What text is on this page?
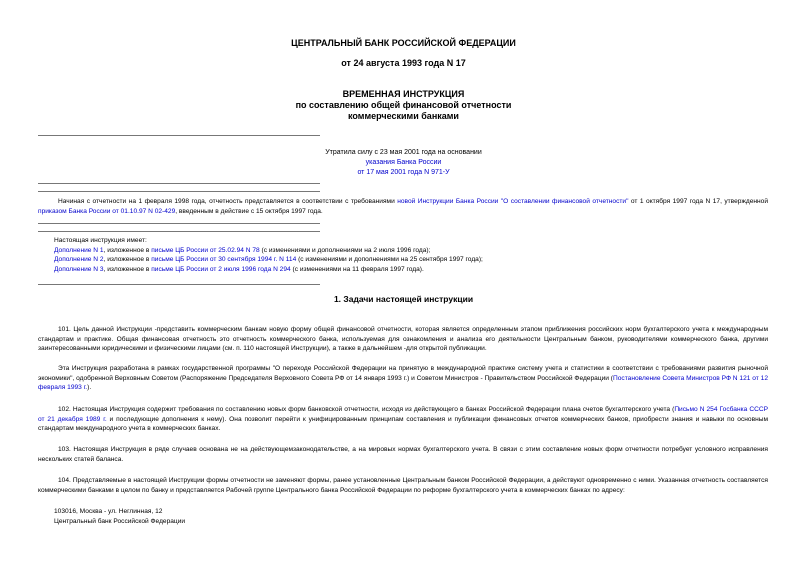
ЦЕНТРАЛЬНЫЙ БАНК РОССИЙСКОЙ ФЕДЕРАЦИИ
от 24 августа 1993 года N 17
ВРЕМЕННАЯ ИНСТРУКЦИЯ
по составлению общей финансовой отчетности
коммерческими банками
Утратила силу с 23 мая 2001 года на основании
указания Банка России
от 17 мая 2001 года N 971-У
Начиная с отчетности на 1 февраля 1998 года, отчетность представляется в соответствии с требованиями новой Инструкции Банка России "О составлении финансовой отчетности" от 1 октября 1997 года N 17, утвержденной приказом Банка России от 01.10.97 N 02-429, введенным в действие с 15 октября 1997 года.
Настоящая инструкция имеет:
Дополнение N 1, изложенное в письме ЦБ России от 25.02.94 N 78 (с изменениями и дополнениями на 2 июля 1996 года);
Дополнение N 2, изложенное в письме ЦБ России от 30 сентября 1994 г. N 114 (с изменениями и дополнениями на 25 сентября 1997 года);
Дополнение N 3, изложенное в письме ЦБ России от 2 июля 1996 года N 294 (с изменениями на 11 февраля 1997 года).
1. Задачи настоящей инструкции
101. Цель данной Инструкции -представить коммерческим банкам новую форму общей финансовой отчетности, которая является определенным этапом приближения российских норм бухгалтерского учета к международным стандартам и практике. Общая финансовая отчетность это отчетность коммерческого банка, используемая для ознакомления и анализа его деятельности Центральным банком, руководителями коммерческого банка, другими заинтересованными юридическими и физическими лицами (см. п. 110 настоящей Инструкции), а также в дальнейшем -для открытой публикации.
Эта Инструкция разработана в рамках государственной программы "О переходе Российской Федерации на принятую в международной практике систему учета и статистики в соответствии с требованиями развития рыночной экономики", одобренной Верховным Советом (Распоряжение Председателя Верховного Совета РФ от 14 января 1993 г.) и Советом Министров - Правительством Российской Федерации (Постановление Совета Министров РФ N 121 от 12 февраля 1993 г.).
102. Настоящая Инструкция содержит требования по составлению новых форм банковской отчетности, исходя из действующего в банках Российской Федерации плана счетов бухгалтерского учета (Письмо N 254 Госбанка СССР от 21 декабря 1989 г. и последующие дополнения к нему). Она позволит перейти к унифицированным принципам составления и публикации финансовых отчетов коммерческих банков, приобрести знания и навыки по основным стандартам международного учета в коммерческих банках.
103. Настоящая Инструкция в ряде случаев основана не на действующемзаконодательстве, а на мировых нормах бухгалтерского учета. В связи с этим составление новых форм отчетности потребует условного исправления нескольких статей баланса.
104. Представляемые в настоящей Инструкции формы отчетности не заменяют формы, ранее установленные Центральным банком Российской Федерации, а действуют одновременно с ними. Указанная отчетность составляется коммерческими банками в целом по банку и представляется Рабочей группе Центрального банка Российской Федерации по реформе бухгалтерского учета в коммерческих банках по адресу:
103016, Москва - ул. Неглинная, 12
Центральный банк Российской Федерации
